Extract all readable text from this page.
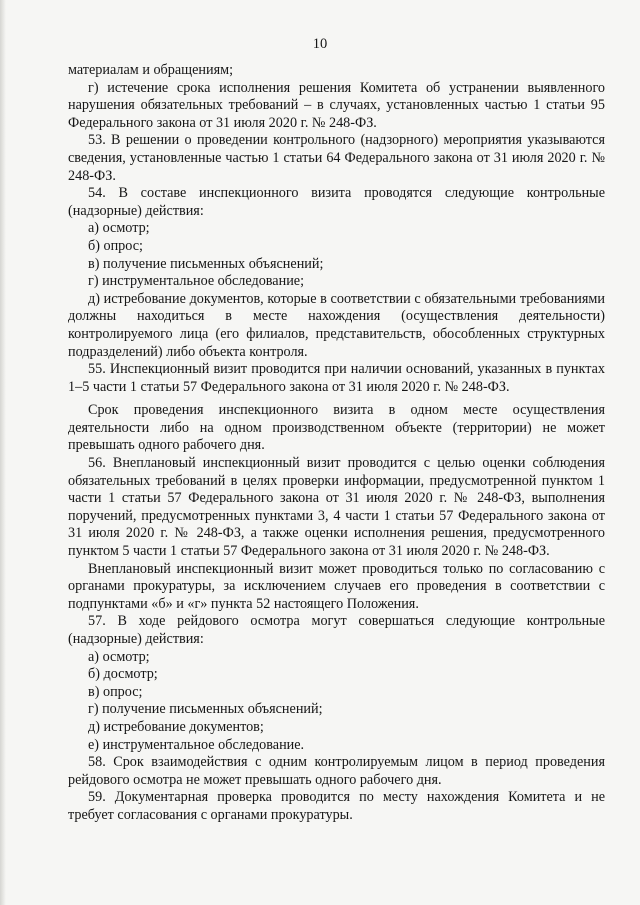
10

материалам и обращениям;

г) истечение срока исполнения решения Комитета об устранении выявленного нарушения обязательных требований – в случаях, установленных частью 1 статьи 95 Федерального закона от 31 июля 2020 г. № 248-ФЗ.

53. В решении о проведении контрольного (надзорного) мероприятия указываются сведения, установленные частью 1 статьи 64 Федерального закона от 31 июля 2020 г. № 248-ФЗ.

54. В составе инспекционного визита проводятся следующие контрольные (надзорные) действия:

а) осмотр;

б) опрос;

в) получение письменных объяснений;

г) инструментальное обследование;

д) истребование документов, которые в соответствии с обязательными требованиями должны находиться в месте нахождения (осуществления деятельности) контролируемого лица (его филиалов, представительств, обособленных структурных подразделений) либо объекта контроля.

55. Инспекционный визит проводится при наличии оснований, указанных в пунктах 1–5 части 1 статьи 57 Федерального закона от 31 июля 2020 г. № 248-ФЗ.

Срок проведения инспекционного визита в одном месте осуществления деятельности либо на одном производственном объекте (территории) не может превышать одного рабочего дня.

56. Внеплановый инспекционный визит проводится с целью оценки соблюдения обязательных требований в целях проверки информации, предусмотренной пунктом 1 части 1 статьи 57 Федерального закона от 31 июля 2020 г. № 248-ФЗ, выполнения поручений, предусмотренных пунктами 3, 4 части 1 статьи 57 Федерального закона от 31 июля 2020 г. № 248-ФЗ, а также оценки исполнения решения, предусмотренного пунктом 5 части 1 статьи 57 Федерального закона от 31 июля 2020 г. № 248-ФЗ.

Внеплановый инспекционный визит может проводиться только по согласованию с органами прокуратуры, за исключением случаев его проведения в соответствии с подпунктами «б» и «г» пункта 52 настоящего Положения.

57. В ходе рейдового осмотра могут совершаться следующие контрольные (надзорные) действия:

а) осмотр;

б) досмотр;

в) опрос;

г) получение письменных объяснений;

д) истребование документов;

е) инструментальное обследование.

58. Срок взаимодействия с одним контролируемым лицом в период проведения рейдового осмотра не может превышать одного рабочего дня.

59. Документарная проверка проводится по месту нахождения Комитета и не требует согласования с органами прокуратуры.
